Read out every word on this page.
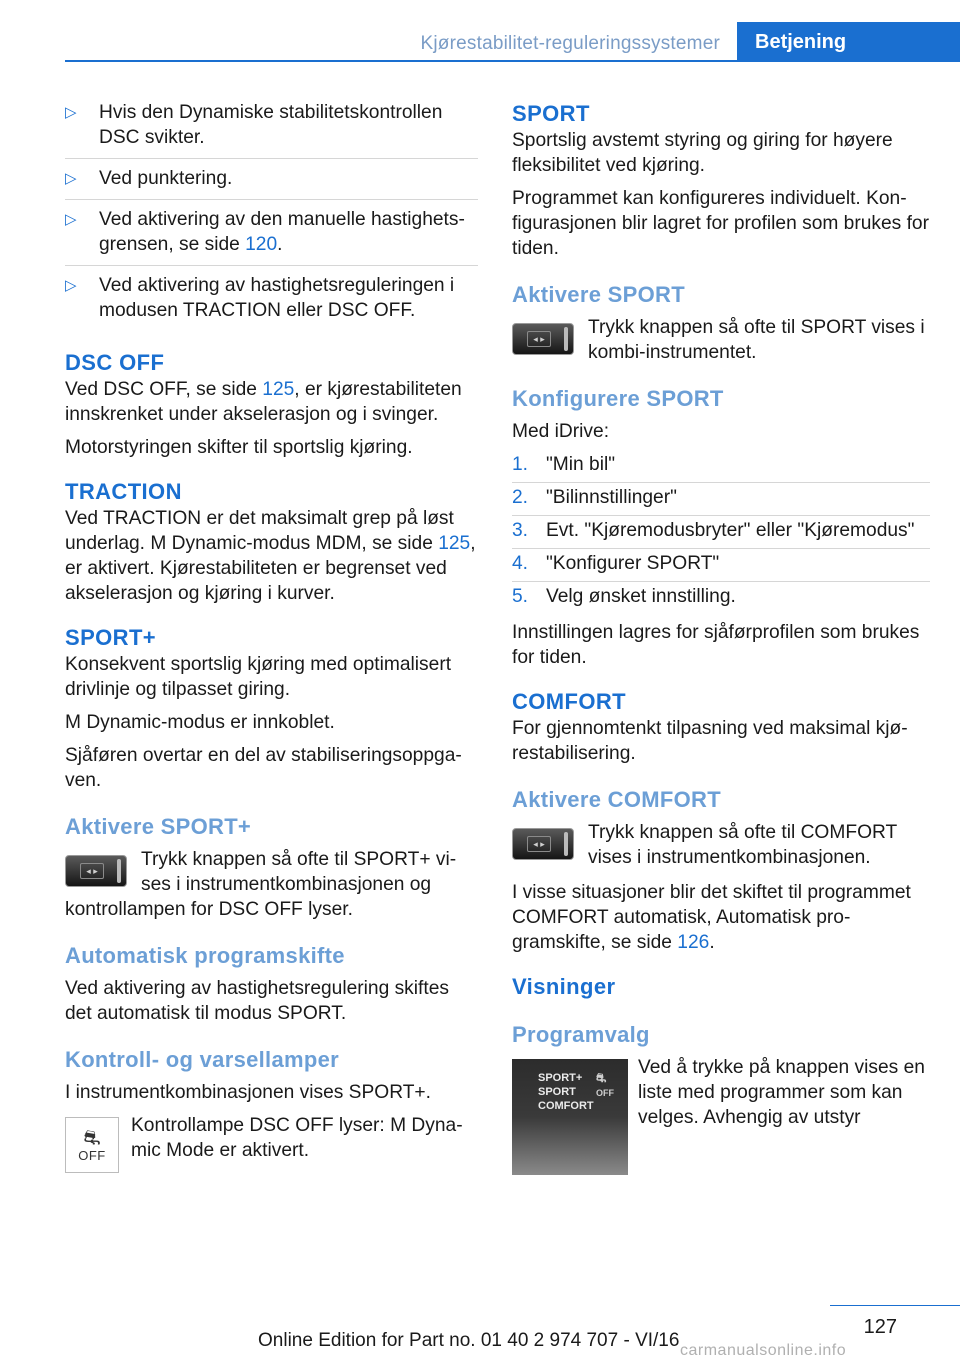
Kjørestabilitet-reguleringssystemer	Betjening
▷ Hvis den Dynamiske stabilitetskontrollen DSC svikter.
▷ Ved punktering.
▷ Ved aktivering av den manuelle hastighetsgrensen, se side 120.
▷ Ved aktivering av hastighetsreguleringen i modusen TRACTION eller DSC OFF.
DSC OFF

Ved DSC OFF, se side 125, er kjørestabiliteten innskrenket under akselerasjon og i svinger.

Motorstyringen skifter til sportslig kjøring.

TRACTION

Ved TRACTION er det maksimalt grep på løst underlag. M Dynamic-modus MDM, se side 125, er aktivert. Kjørestabiliteten er begrenset ved akselerasjon og kjøring i kurver.

SPORT+

Konsekvent sportslig kjøring med optimalisert drivlinje og tilpasset giring.

M Dynamic-modus er innkoblet.

Sjåføren overtar en del av stabiliseringsoppgaven.

Aktivere SPORT+
◂ ▸
Trykk knappen så ofte til SPORT+ vises i instrumentkombinasjonen og kontrollampen for DSC OFF lyser.
Automatisk programskifte

Ved aktivering av hastighetsregulering skiftes det automatisk til modus SPORT.

Kontroll- og varsellamper

I instrumentkombinasjonen vises SPORT+.

⛐
OFF
Kontrollampe DSC OFF lyser: M Dynamic Mode er aktivert.
SPORT

Sportslig avstemt styring og giring for høyere fleksibilitet ved kjøring.

Programmet kan konfigureres individuelt. Konfigurasjonen blir lagret for profilen som brukes for tiden.

Aktivere SPORT
◂ ▸
Trykk knappen så ofte til SPORT vises i kombi-instrumentet.
Konfigurere SPORT

Med iDrive:

1. "Min bil"
2. "Bilinnstillinger"
3. Evt. "Kjøremodusbryter" eller "Kjøremodus"
4. "Konfigurer SPORT"
5. Velg ønsket innstilling.

Innstillingen lagres for sjåførprofilen som brukes for tiden.

COMFORT

For gjennomtenkt tilpasning ved maksimal kjørestabilisering.

Aktivere COMFORT
◂ ▸
Trykk knappen så ofte til COMFORT vises i instrumentkombinasjonen.

I visse situasjoner blir det skiftet til programmet COMFORT automatisk, Automatisk programskifte, se side 126.

Visninger
Programvalg
SPORT+
SPORT
COMFORT
⛐
OFF
Ved å trykke på knappen vises en liste med programmer som kan velges. Avhengig av utstyr
127
Online Edition for Part no. 01 40 2 974 707 - VI/16 carmanualsonline.info
